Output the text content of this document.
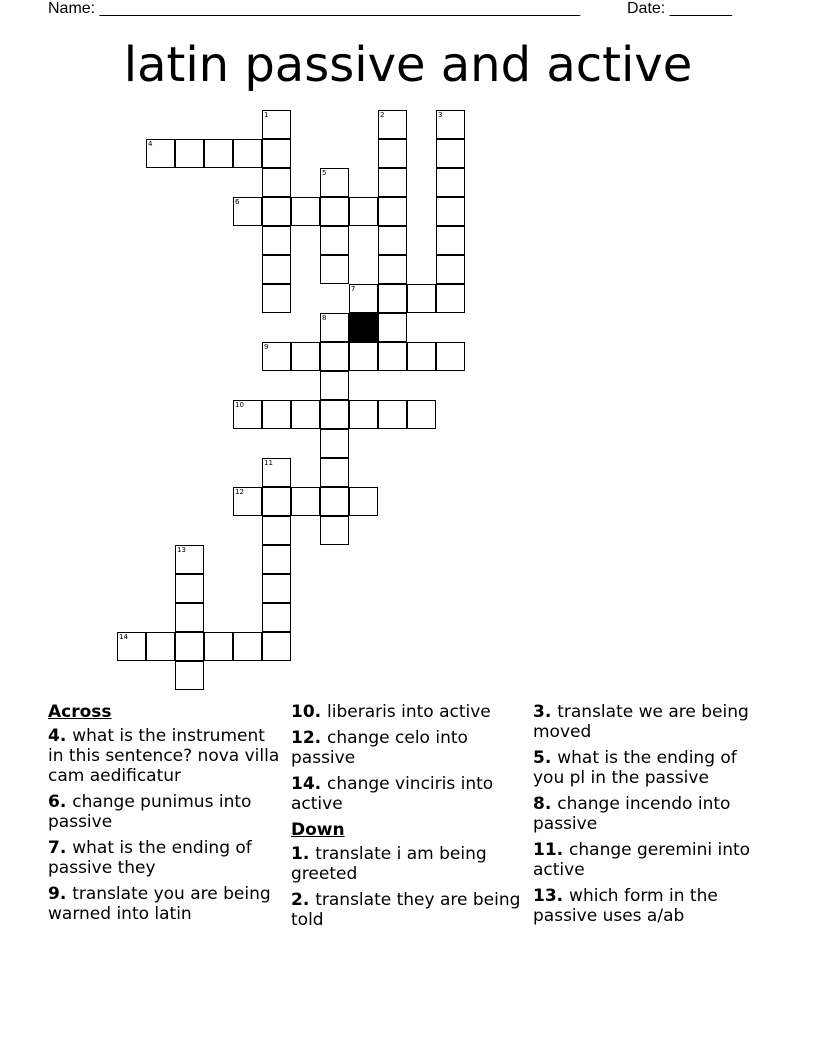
Name: ______________________________________________________	Date: _______
latin passive and active
1	2	3
4
5
6
7
8
9
10
11
12
13
14
Across
4. what is the instrument in this sentence? nova villa cam aedificatur
6. change punimus into passive
7. what is the ending of passive they
9. translate you are being warned into latin
10. liberaris into active
12. change celo into passive
14. change vinciris into active
Down
1. translate i am being greeted
2. translate they are being told
3. translate we are being moved
5. what is the ending of you pl in the passive
8. change incendo into passive
11. change geremini into active
13. which form in the passive uses a/ab
